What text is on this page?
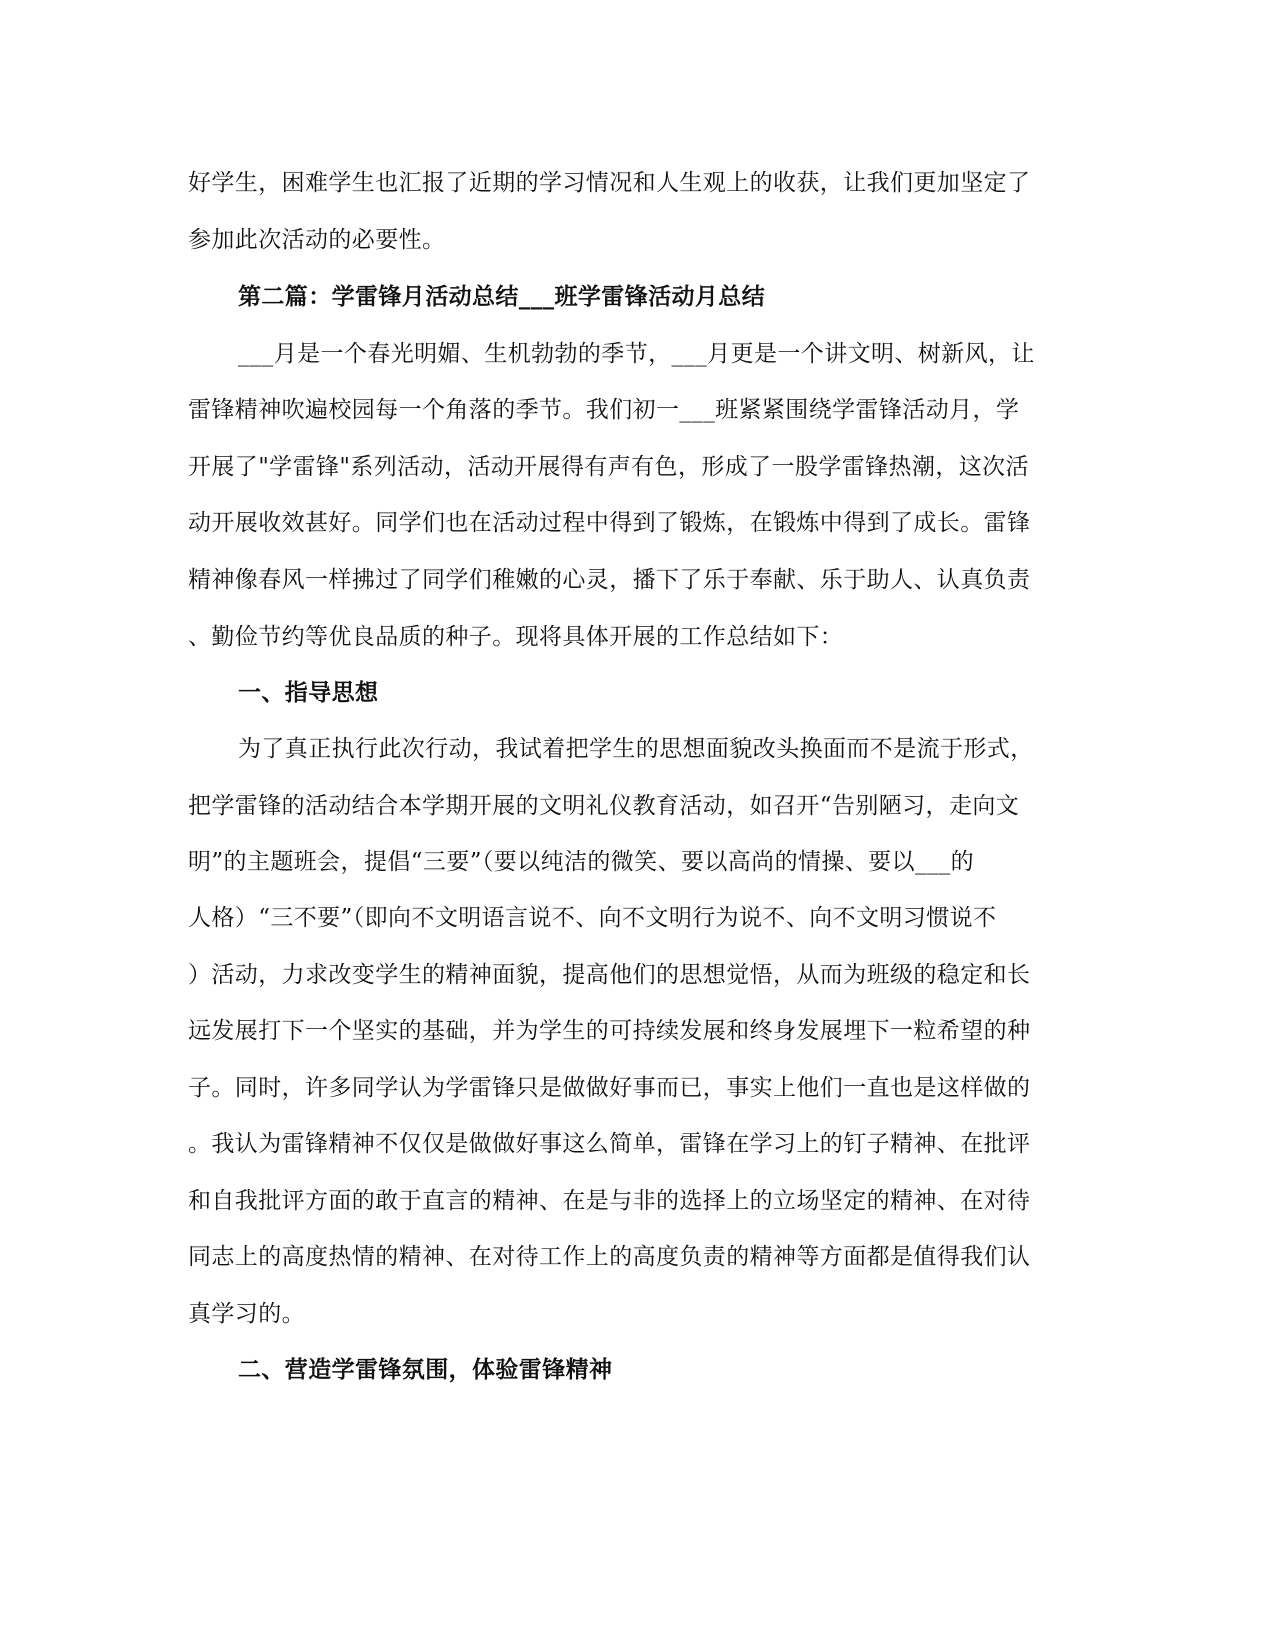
好学生，困难学生也汇报了近期的学习情况和人生观上的收获，让我们更加坚定了
参加此次活动的必要性。
第二篇：学雷锋月活动总结___班学雷锋活动月总结
___月是一个春光明媚、生机勃勃的季节，___月更是一个讲文明、树新风，让
雷锋精神吹遍校园每一个角落的季节。我们初一___班紧紧围绕学雷锋活动月，学
开展了"学雷锋"系列活动，活动开展得有声有色，形成了一股学雷锋热潮，这次活
动开展收效甚好。同学们也在活动过程中得到了锻炼，在锻炼中得到了成长。雷锋
精神像春风一样拂过了同学们稚嫩的心灵，播下了乐于奉献、乐于助人、认真负责
、勤俭节约等优良品质的种子。现将具体开展的工作总结如下：
一、指导思想
为了真正执行此次行动，我试着把学生的思想面貌改头换面而不是流于形式，
把学雷锋的活动结合本学期开展的文明礼仪教育活动，如召开“告别陋习，走向文
明”的主题班会，提倡“三要”（要以纯洁的微笑、要以高尚的情操、要以___的
人格）“三不要”（即向不文明语言说不、向不文明行为说不、向不文明习惯说不
）活动，力求改变学生的精神面貌，提高他们的思想觉悟，从而为班级的稳定和长
远发展打下一个坚实的基础，并为学生的可持续发展和终身发展埋下一粒希望的种
子。同时，许多同学认为学雷锋只是做做好事而已，事实上他们一直也是这样做的
。我认为雷锋精神不仅仅是做做好事这么简单，雷锋在学习上的钉子精神、在批评
和自我批评方面的敢于直言的精神、在是与非的选择上的立场坚定的精神、在对待
同志上的高度热情的精神、在对待工作上的高度负责的精神等方面都是值得我们认
真学习的。
二、营造学雷锋氛围，体验雷锋精神
